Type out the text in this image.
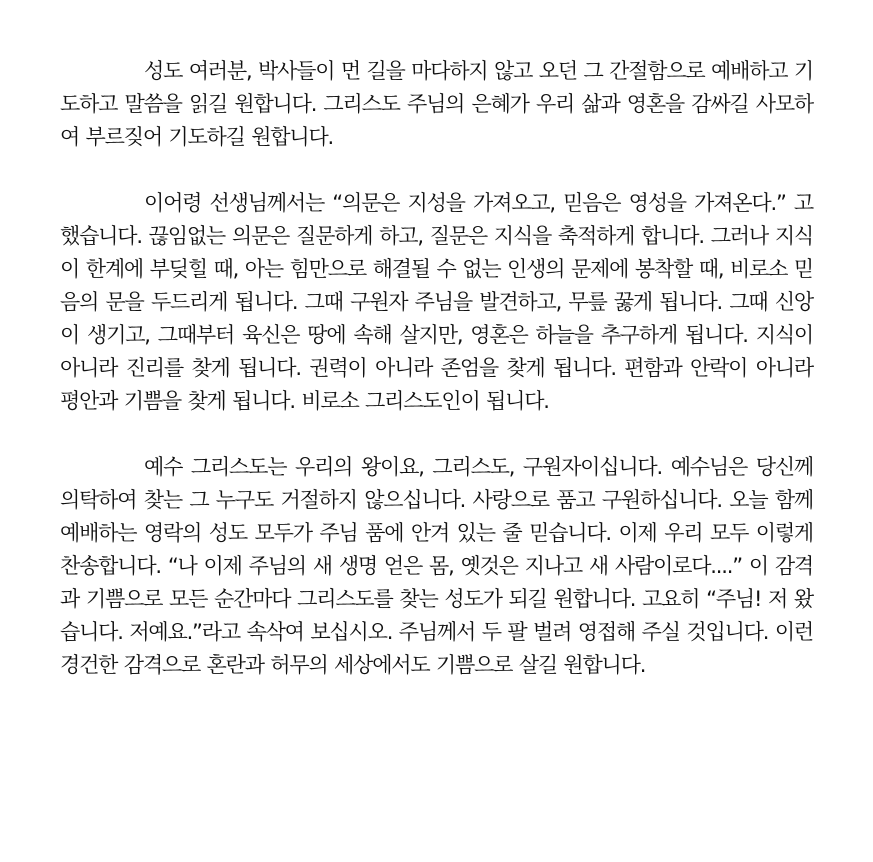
성도 여러분, 박사들이 먼 길을 마다하지 않고 오던 그 간절함으로 예배하고 기도하고 말씀을 읽길 원합니다. 그리스도 주님의 은혜가 우리 삶과 영혼을 감싸길 사모하여 부르짖어 기도하길 원합니다.

이어령 선생님께서는 “의문은 지성을 가져오고, 믿음은 영성을 가져온다.” 고 했습니다. 끊임없는 의문은 질문하게 하고, 질문은 지식을 축적하게 합니다. 그러나 지식이 한계에 부딪힐 때, 아는 힘만으로 해결될 수 없는 인생의 문제에 봉착할 때, 비로소 믿음의 문을 두드리게 됩니다. 그때 구원자 주님을 발견하고, 무릎 꿇게 됩니다. 그때 신앙이 생기고, 그때부터 육신은 땅에 속해 살지만, 영혼은 하늘을 추구하게 됩니다. 지식이 아니라 진리를 찾게 됩니다. 권력이 아니라 존엄을 찾게 됩니다. 편함과 안락이 아니라 평안과 기쁨을 찾게 됩니다. 비로소 그리스도인이 됩니다.

예수 그리스도는 우리의 왕이요, 그리스도, 구원자이십니다. 예수님은 당신께 의탁하여 찾는 그 누구도 거절하지 않으십니다. 사랑으로 품고 구원하십니다. 오늘 함께 예배하는 영락의 성도 모두가 주님 품에 안겨 있는 줄 믿습니다. 이제 우리 모두 이렇게 찬송합니다. “나 이제 주님의 새 생명 얻은 몸, 옛것은 지나고 새 사람이로다....” 이 감격과 기쁨으로 모든 순간마다 그리스도를 찾는 성도가 되길 원합니다. 고요히 “주님! 저 왔습니다. 저예요.”라고 속삭여 보십시오. 주님께서 두 팔 벌려 영접해 주실 것입니다. 이런 경건한 감격으로 혼란과 허무의 세상에서도 기쁨으로 살길 원합니다.
